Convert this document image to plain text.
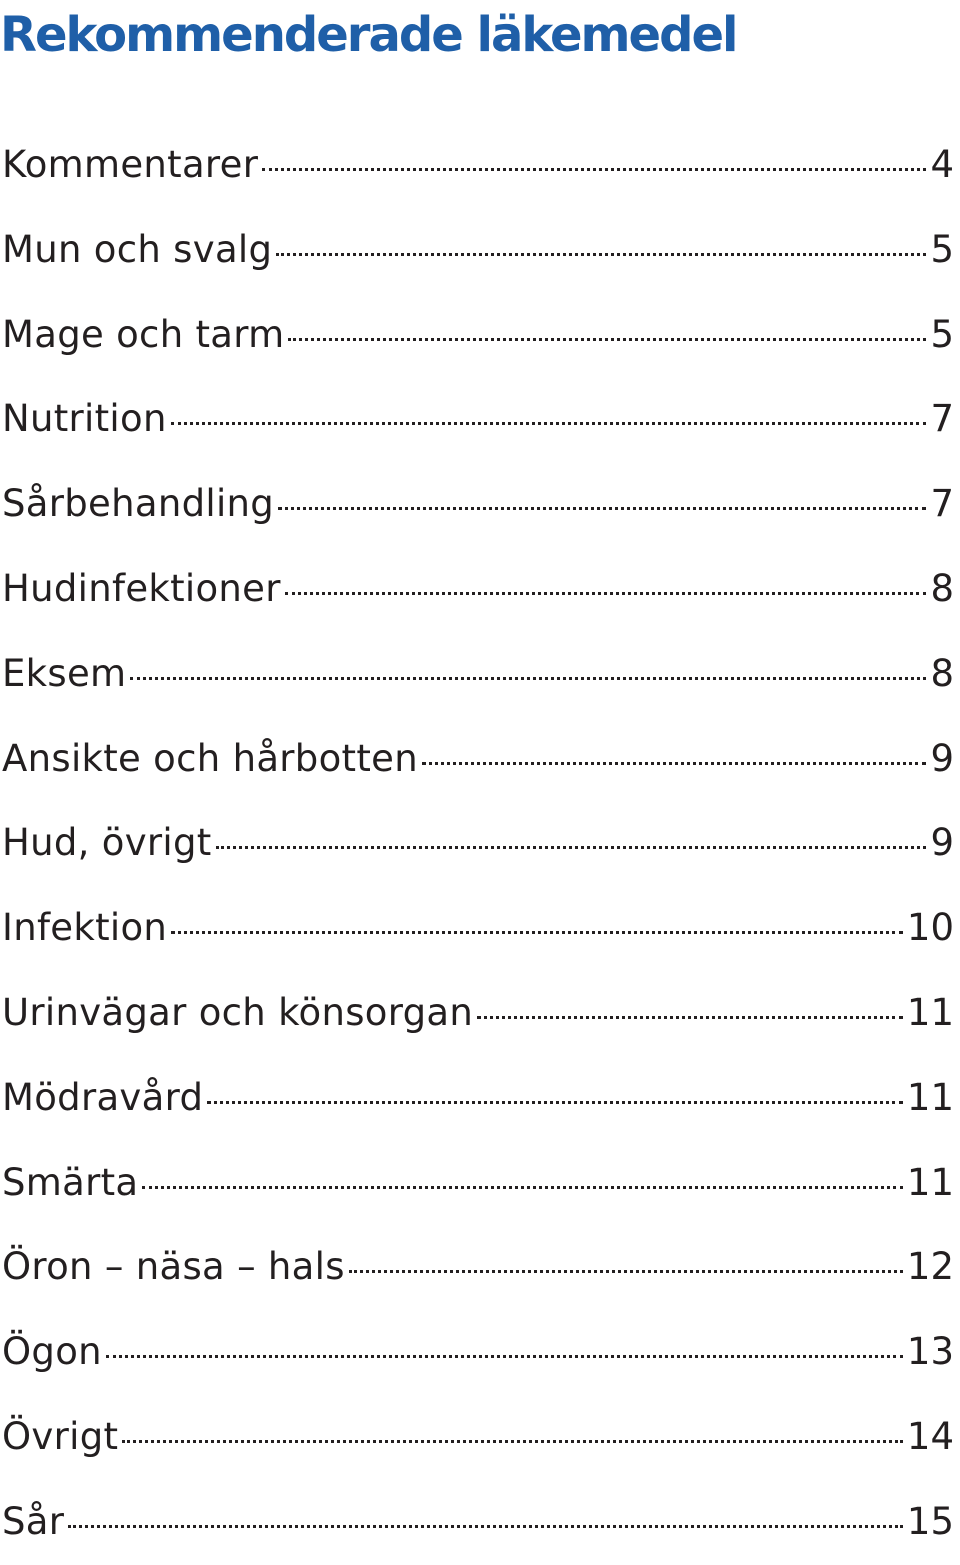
Rekommenderade läkemedel
Kommentarer	4
Mun och svalg	5
Mage och tarm	5
Nutrition	7
Sårbehandling	7
Hudinfektioner	8
Eksem	8
Ansikte och hårbotten	9
Hud, övrigt	9
Infektion	10
Urinvägar och könsorgan	11
Mödravård	11
Smärta	11
Öron – näsa – hals	12
Ögon	13
Övrigt	14
Sår	15
